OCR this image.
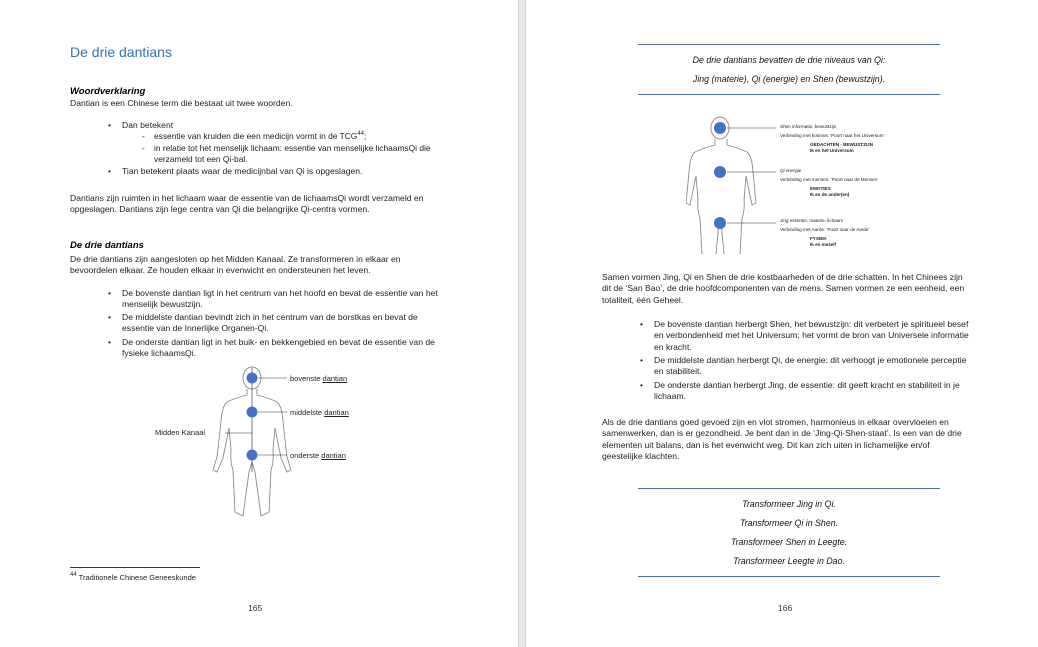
De drie dantians
Woordverklaring
Dantian is een Chinese term die bestaat uit twee woorden.
• Dan betekent
- essentie van kruiden die een medicijn vormt in de TCG$^{44}$;
- in relatie tot het menselijk lichaam: essentie van menselijke lichaamsQi die verzameld tot een Qi-bal.
• Tian betekent plaats waar de medicijnbal van Qi is opgeslagen.
Dantians zijn ruimten in het lichaam waar de essentie van de lichaamsQi wordt verzameld en opgeslagen. Dantians zijn lege centra van Qi die belangrijke Qi-centra vormen.
De drie dantians
De drie dantians zijn aangesloten op het Midden Kanaal. Ze transformeren in elkaar en bevoordelen elkaar. Ze houden elkaar in evenwicht en ondersteunen het leven.
• De bovenste dantian ligt in het centrum van het hoofd en bevat de essentie van het menselijk bewustzijn.
• De middelste dantian bevindt zich in het centrum van de borstkas en bevat de essentie van de Innerlijke Organen-Qi.
• De onderste dantian ligt in het buik- en bekkengebied en bevat de essentie van de fysieke lichaamsQi.
bovenste dantian
middelste dantian
onderste dantian
Midden Kanaal
$^{44}$ Traditionele Chinese Geneeskunde
165
De drie dantians bevatten de drie niveaus van Qi:
Jing (materie), Qi (energie) en Shen (bewustzijn).
Shen informatie, bewustzijn
Verbinding met kosmos: 'Poort naar het Universum'
GEDACHTEN - BEWUSTZIJN
Ik en het Universum
Qi energie
Verbinding met mensen: 'Poort naar de Mensen'
EMOTIES
Ik en de ander(en)
Jing essentie, materie, lichaam
Verbinding met Aarde: 'Poort naar de Aarde'
FYSIEK
Ik en mezelf
Samen vormen Jing, Qi en Shen de drie kostbaarheden of de drie schatten. In het Chinees zijn dit de ‘San Bao’, de drie hoofdcomponenten van de mens. Samen vormen ze een eenheid, een totaliteit, één Geheel.
• De bovenste dantian herbergt Shen, het bewustzijn: dit verbetert je spiritueel besef en verbondenheid met het Universum; het vormt de bron van Universele informatie en kracht.
• De middelste dantian herbergt Qi, de energie: dit verhoogt je emotionele perceptie en stabiliteit.
• De onderste dantian herbergt Jing, de essentie: dit geeft kracht en stabiliteit in je lichaam.
Als de drie dantians goed gevoed zijn en vlot stromen, harmonieus in elkaar overvloeien en samenwerken, dan is er gezondheid. Je bent dan in de ‘Jing-Qi-Shen-staat’. Is een van de drie elementen uit balans, dan is het evenwicht weg. Dit kan zich uiten in lichamelijke en/of geestelijke klachten.
Transformeer Jing in Qi.
Transformeer Qi in Shen.
Transformeer Shen in Leegte.
Transformeer Leegte in Dao.
166
